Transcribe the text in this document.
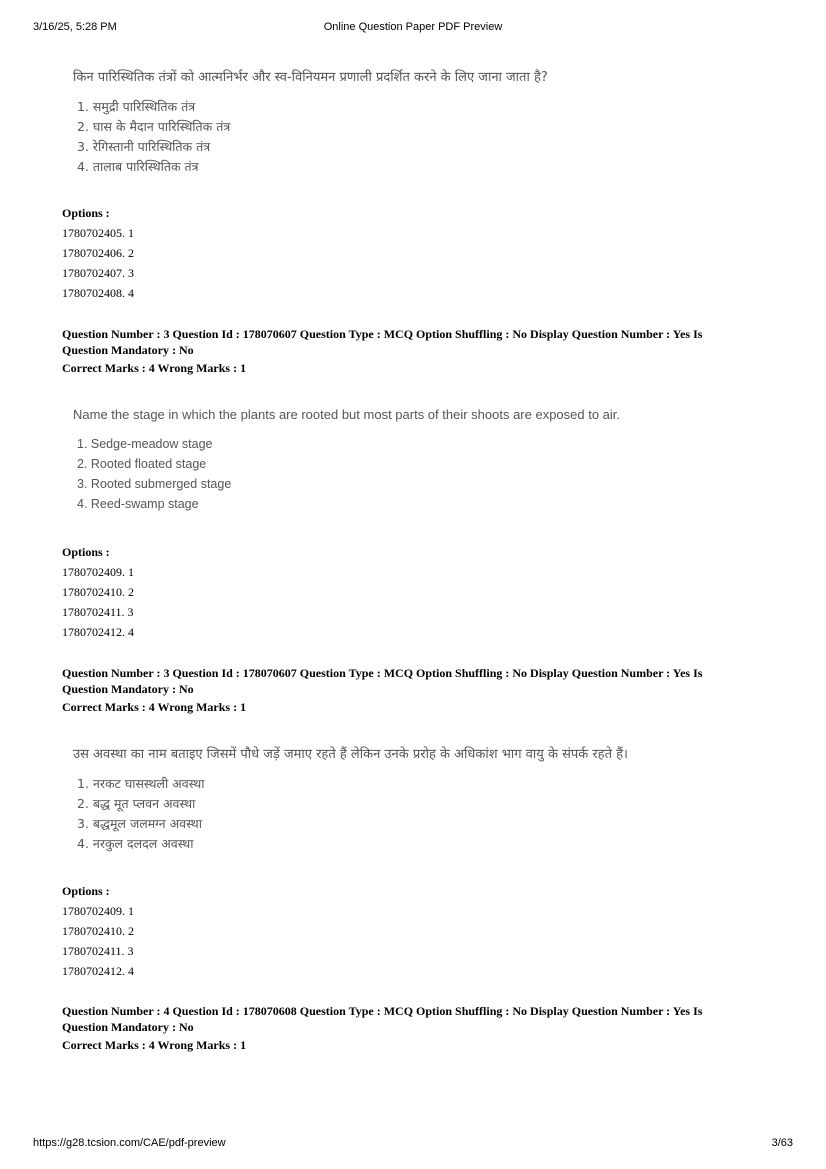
3/16/25, 5:28 PM	Online Question Paper PDF Preview
किन पारिस्थितिक तंत्रों को आत्मनिर्भर और स्व-विनियमन प्रणाली प्रदर्शित करने के लिए जाना जाता है?
1. समुद्री पारिस्थितिक तंत्र
2. घास के मैदान पारिस्थितिक तंत्र
3. रेगिस्तानी पारिस्थितिक तंत्र
4. तालाब पारिस्थितिक तंत्र
Options :
1780702405. 1
1780702406. 2
1780702407. 3
1780702408. 4
Question Number : 3 Question Id : 178070607 Question Type : MCQ Option Shuffling : No Display Question Number : Yes Is
Question Mandatory : No
Correct Marks : 4 Wrong Marks : 1
Name the stage in which the plants are rooted but most parts of their shoots are exposed to air.
1. Sedge-meadow stage
2. Rooted floated stage
3. Rooted submerged stage
4. Reed-swamp stage
Options :
1780702409. 1
1780702410. 2
1780702411. 3
1780702412. 4
Question Number : 3 Question Id : 178070607 Question Type : MCQ Option Shuffling : No Display Question Number : Yes Is
Question Mandatory : No
Correct Marks : 4 Wrong Marks : 1
उस अवस्था का नाम बताइए जिसमें पौधे जड़ें जमाए रहते हैं लेकिन उनके प्ररोह के अधिकांश भाग वायु के संपर्क रहते हैं।
1. नरकट घासस्थली अवस्था
2. बद्ध मूत प्लवन अवस्था
3. बद्धमूल जलमग्न अवस्था
4. नरकुल दलदल अवस्था
Options :
1780702409. 1
1780702410. 2
1780702411. 3
1780702412. 4
Question Number : 4 Question Id : 178070608 Question Type : MCQ Option Shuffling : No Display Question Number : Yes Is
Question Mandatory : No
Correct Marks : 4 Wrong Marks : 1
https://g28.tcsion.com/CAE/pdf-preview	3/63
